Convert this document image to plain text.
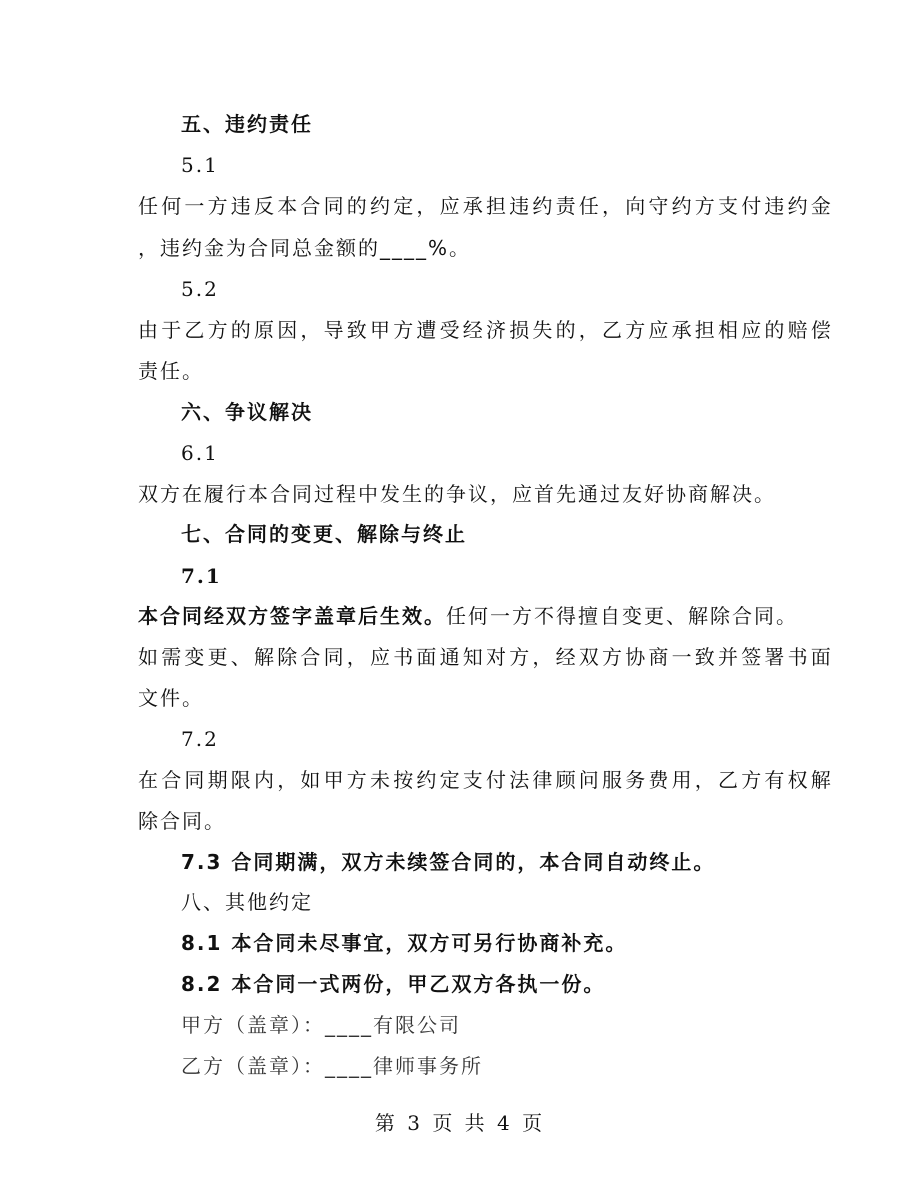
五、违约责任
5.1
任何一方违反本合同的约定，应承担违约责任，向守约方支付违约金
，违约金为合同总金额的____%。
5.2
由于乙方的原因，导致甲方遭受经济损失的，乙方应承担相应的赔偿
责任。
六、争议解决
6.1
双方在履行本合同过程中发生的争议，应首先通过友好协商解决。
七、合同的变更、解除与终止
7.1
本合同经双方签字盖章后生效。任何一方不得擅自变更、解除合同。
如需变更、解除合同，应书面通知对方，经双方协商一致并签署书面
文件。
7.2
在合同期限内，如甲方未按约定支付法律顾问服务费用，乙方有权解
除合同。
7.3 合同期满，双方未续签合同的，本合同自动终止。
八、其他约定
8.1 本合同未尽事宜，双方可另行协商补充。
8.2 本合同一式两份，甲乙双方各执一份。
甲方（盖章）：____有限公司
乙方（盖章）：____律师事务所
第 3 页 共 4 页
